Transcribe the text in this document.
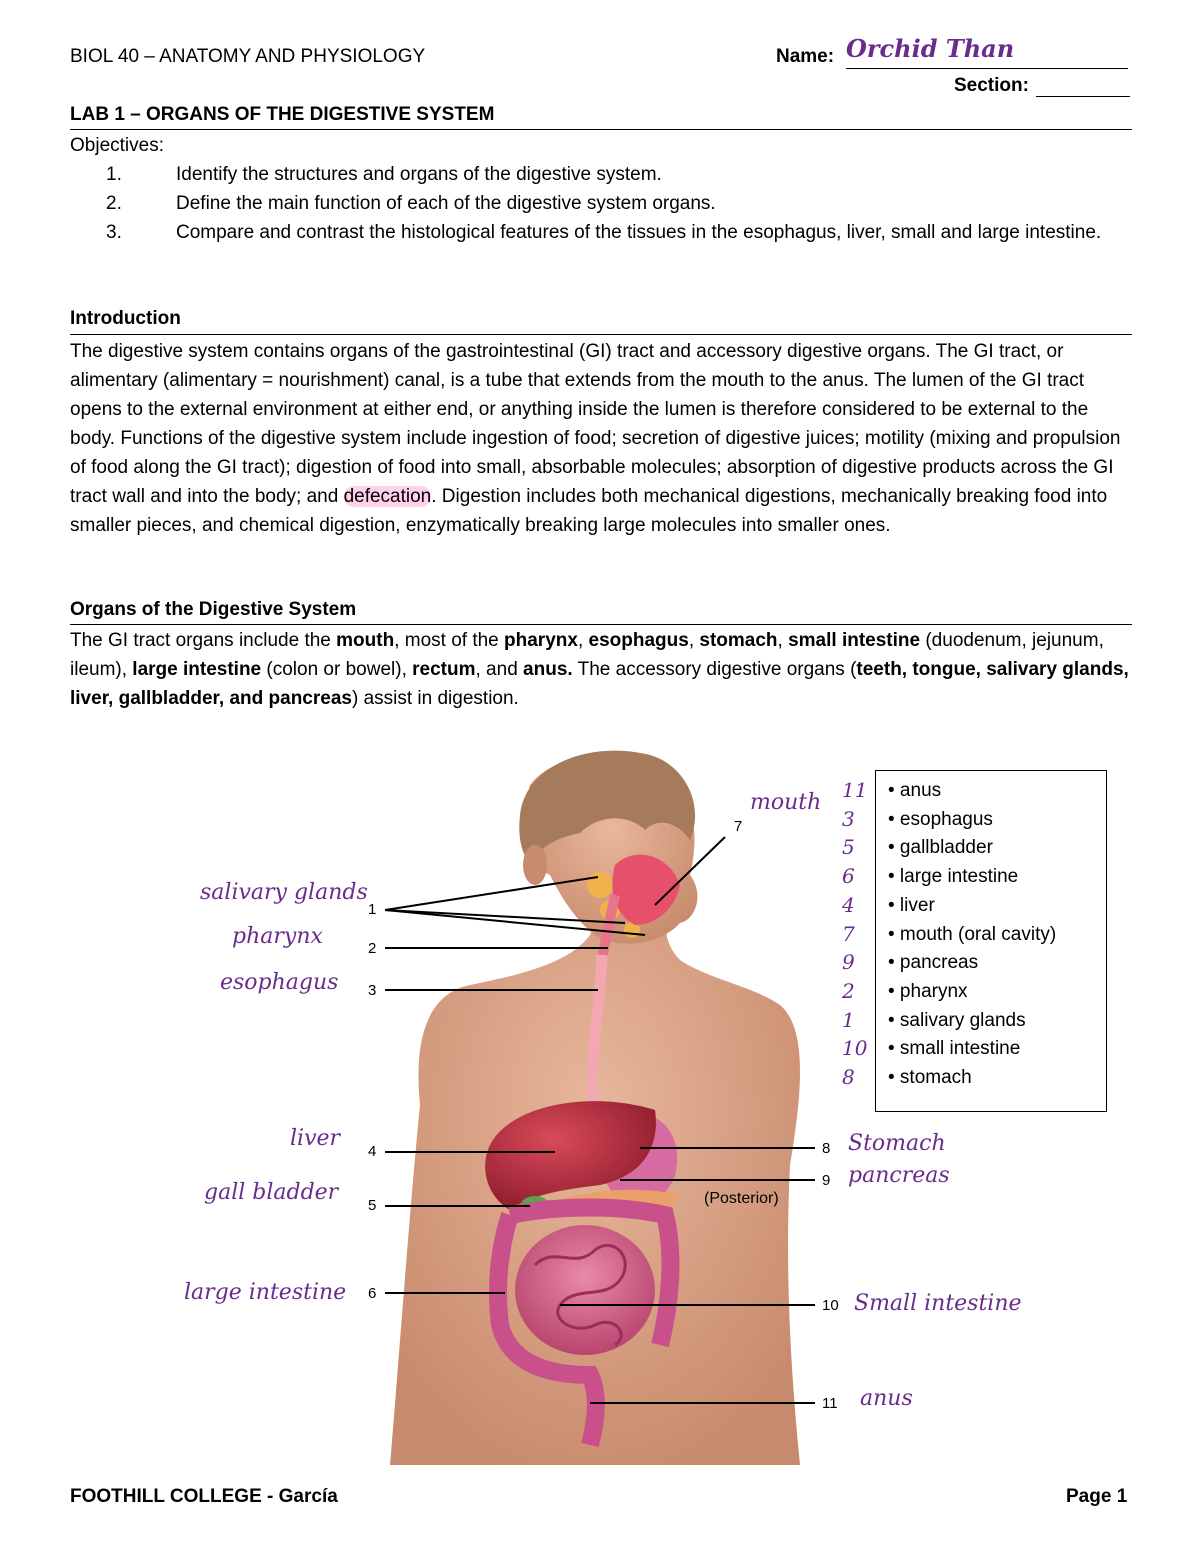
BIOL 40 – ANATOMY AND PHYSIOLOGY	Name: Orchid Than
Section:
LAB 1 – ORGANS OF THE DIGESTIVE SYSTEM
Objectives:
1.	Identify the structures and organs of the digestive system.
2.	Define the main function of each of the digestive system organs.
3.	Compare and contrast the histological features of the tissues in the esophagus, liver, small and large intestine.
Introduction
The digestive system contains organs of the gastrointestinal (GI) tract and accessory digestive organs. The GI tract, or alimentary (alimentary = nourishment) canal, is a tube that extends from the mouth to the anus. The lumen of the GI tract opens to the external environment at either end, or anything inside the lumen is therefore considered to be external to the body. Functions of the digestive system include ingestion of food; secretion of digestive juices; motility (mixing and propulsion of food along the GI tract); digestion of food into small, absorbable molecules; absorption of digestive products across the GI tract wall and into the body; and defecation. Digestion includes both mechanical digestions, mechanically breaking food into smaller pieces, and chemical digestion, enzymatically breaking large molecules into smaller ones.
Organs of the Digestive System
The GI tract organs include the mouth, most of the pharynx, esophagus, stomach, small intestine (duodenum, jejunum, ileum), large intestine (colon or bowel), rectum, and anus. The accessory digestive organs (teeth, tongue, salivary glands, liver, gallbladder, and pancreas) assist in digestion.
1
2
3
4
5
6
7
8
9
10
11
(Posterior)
salivary glands
pharynx
esophagus
liver
gall bladder
large intestine
mouth
Stomach
pancreas
Small intestine
anus
11 • anus
3 • esophagus
5 • gallbladder
6 • large intestine
4 • liver
7 • mouth (oral cavity)
9 • pancreas
2 • pharynx
1 • salivary glands
10 • small intestine
8 • stomach
FOOTHILL COLLEGE - García	Page 1
